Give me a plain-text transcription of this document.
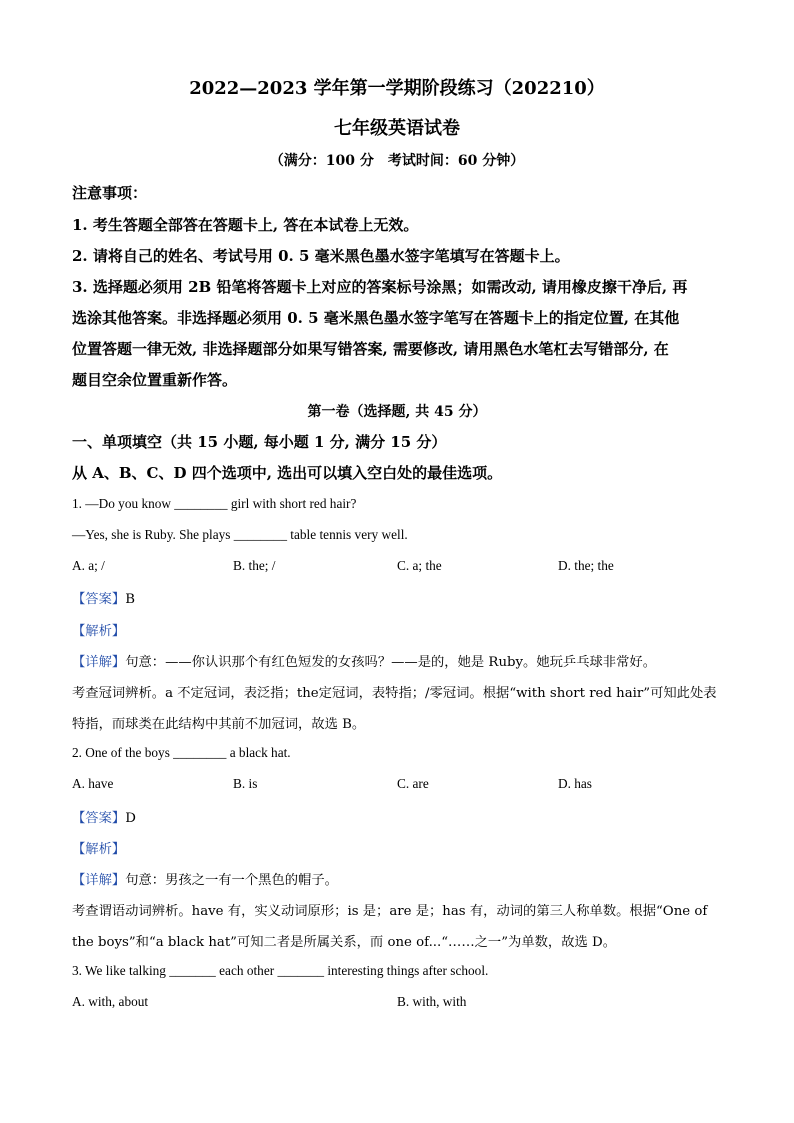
2022—2023 学年第一学期阶段练习（202210）
七年级英语试卷
（满分：100 分　考试时间：60 分钟）
注意事项：
1. 考生答题全部答在答题卡上, 答在本试卷上无效。
2. 请将自己的姓名、考试号用 0. 5 毫米黑色墨水签字笔填写在答题卡上。
3. 选择题必须用 2B 铅笔将答题卡上对应的答案标号涂黑；如需改动, 请用橡皮擦干净后, 再
选涂其他答案。非选择题必须用 0. 5 毫米黑色墨水签字笔写在答题卡上的指定位置, 在其他
位置答题一律无效, 非选择题部分如果写错答案, 需要修改, 请用黑色水笔杠去写错部分, 在
题目空余位置重新作答。
第一卷（选择题, 共 45 分）
一、单项填空（共 15 小题, 每小题 1 分, 满分 15 分）
从 A、B、C、D 四个选项中, 选出可以填入空白处的最佳选项。
1. —Do you know ________ girl with short red hair?
—Yes, she is Ruby. She plays ________ table tennis very well.
A. a; /	B. the; /	C. a; the	D. the; the
【答案】B
【解析】
【详解】句意：——你认识那个有红色短发的女孩吗？——是的，她是 Ruby。她玩乒乓球非常好。
考查冠词辨析。a 不定冠词，表泛指；the定冠词，表特指；/零冠词。根据“with short red hair”可知此处表
特指，而球类在此结构中其前不加冠词，故选 B。
2. One of the boys ________ a black hat.
A. have	B. is	C. are	D. has
【答案】D
【解析】
【详解】句意：男孩之一有一个黑色的帽子。
考查谓语动词辨析。have 有，实义动词原形；is 是；are 是；has 有，动词的第三人称单数。根据“One of
the boys”和“a black hat”可知二者是所属关系，而 one of...“……之一”为单数，故选 D。
3. We like talking _______ each other _______ interesting things after school.
A. with, about	B. with, with
